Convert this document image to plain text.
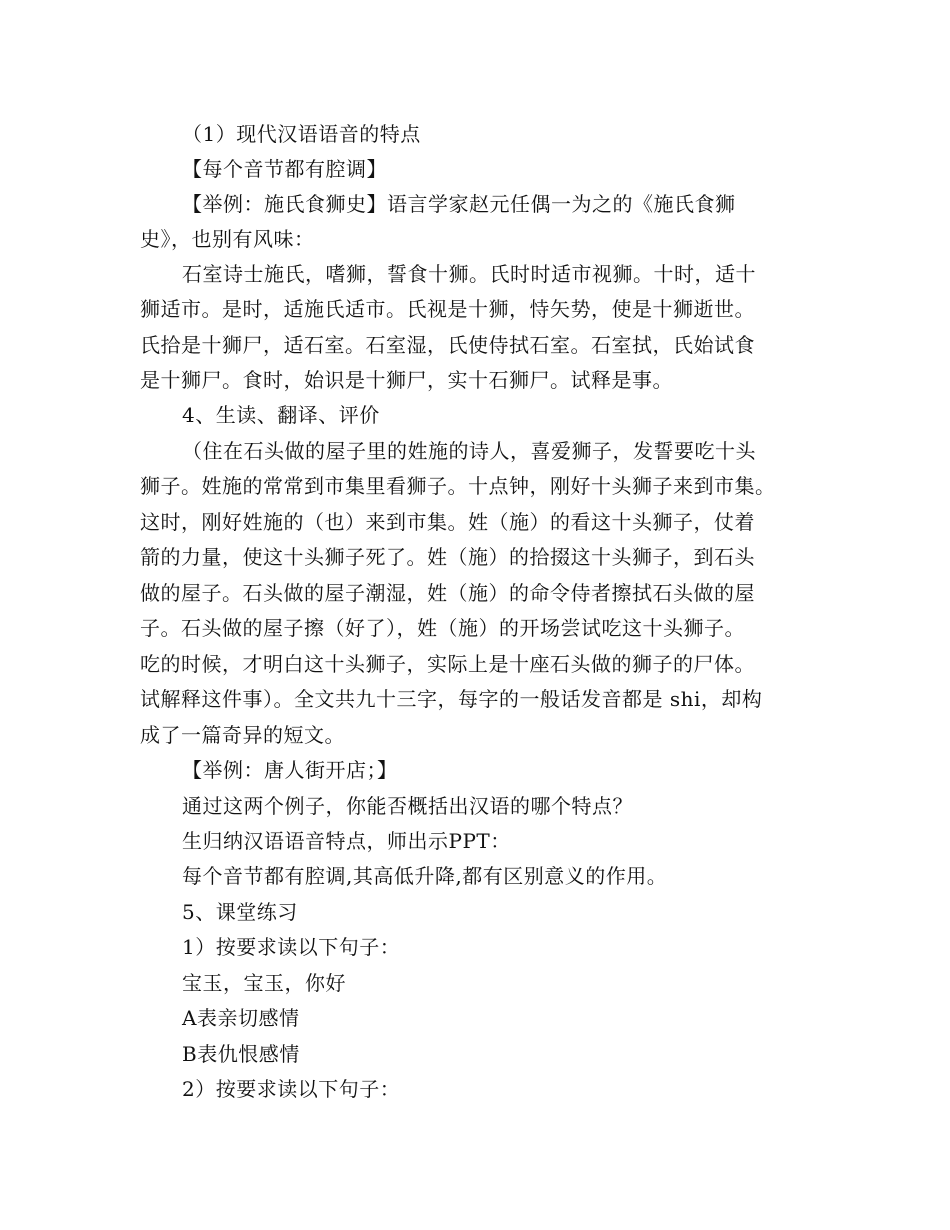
（1）现代汉语语音的特点
【每个音节都有腔调】
【举例：施氏食狮史】语言学家赵元任偶一为之的《施氏食狮
史》，也别有风味：
石室诗士施氏，嗜狮，誓食十狮。氏时时适市视狮。十时，适十
狮适市。是时，适施氏适市。氏视是十狮，恃矢势，使是十狮逝世。
氏拾是十狮尸，适石室。石室湿，氏使侍拭石室。石室拭，氏始试食
是十狮尸。食时，始识是十狮尸，实十石狮尸。试释是事。
4、生读、翻译、评价
（住在石头做的屋子里的姓施的诗人，喜爱狮子，发誓要吃十头
狮子。姓施的常常到市集里看狮子。十点钟，刚好十头狮子来到市集。
这时，刚好姓施的（也）来到市集。姓（施）的看这十头狮子，仗着
箭的力量，使这十头狮子死了。姓（施）的拾掇这十头狮子，到石头
做的屋子。石头做的屋子潮湿，姓（施）的命令侍者擦拭石头做的屋
子。石头做的屋子擦（好了），姓（施）的开场尝试吃这十头狮子。
吃的时候，才明白这十头狮子，实际上是十座石头做的狮子的尸体。
试解释这件事）。全文共九十三字，每字的一般话发音都是 shi，却构
成了一篇奇异的短文。
【举例：唐人街开店；】
通过这两个例子，你能否概括出汉语的哪个特点？
生归纳汉语语音特点，师出示PPT：
每个音节都有腔调,其高低升降,都有区别意义的作用。
5、课堂练习
1）按要求读以下句子：
宝玉，宝玉，你好
A表亲切感情
B表仇恨感情
2）按要求读以下句子：
